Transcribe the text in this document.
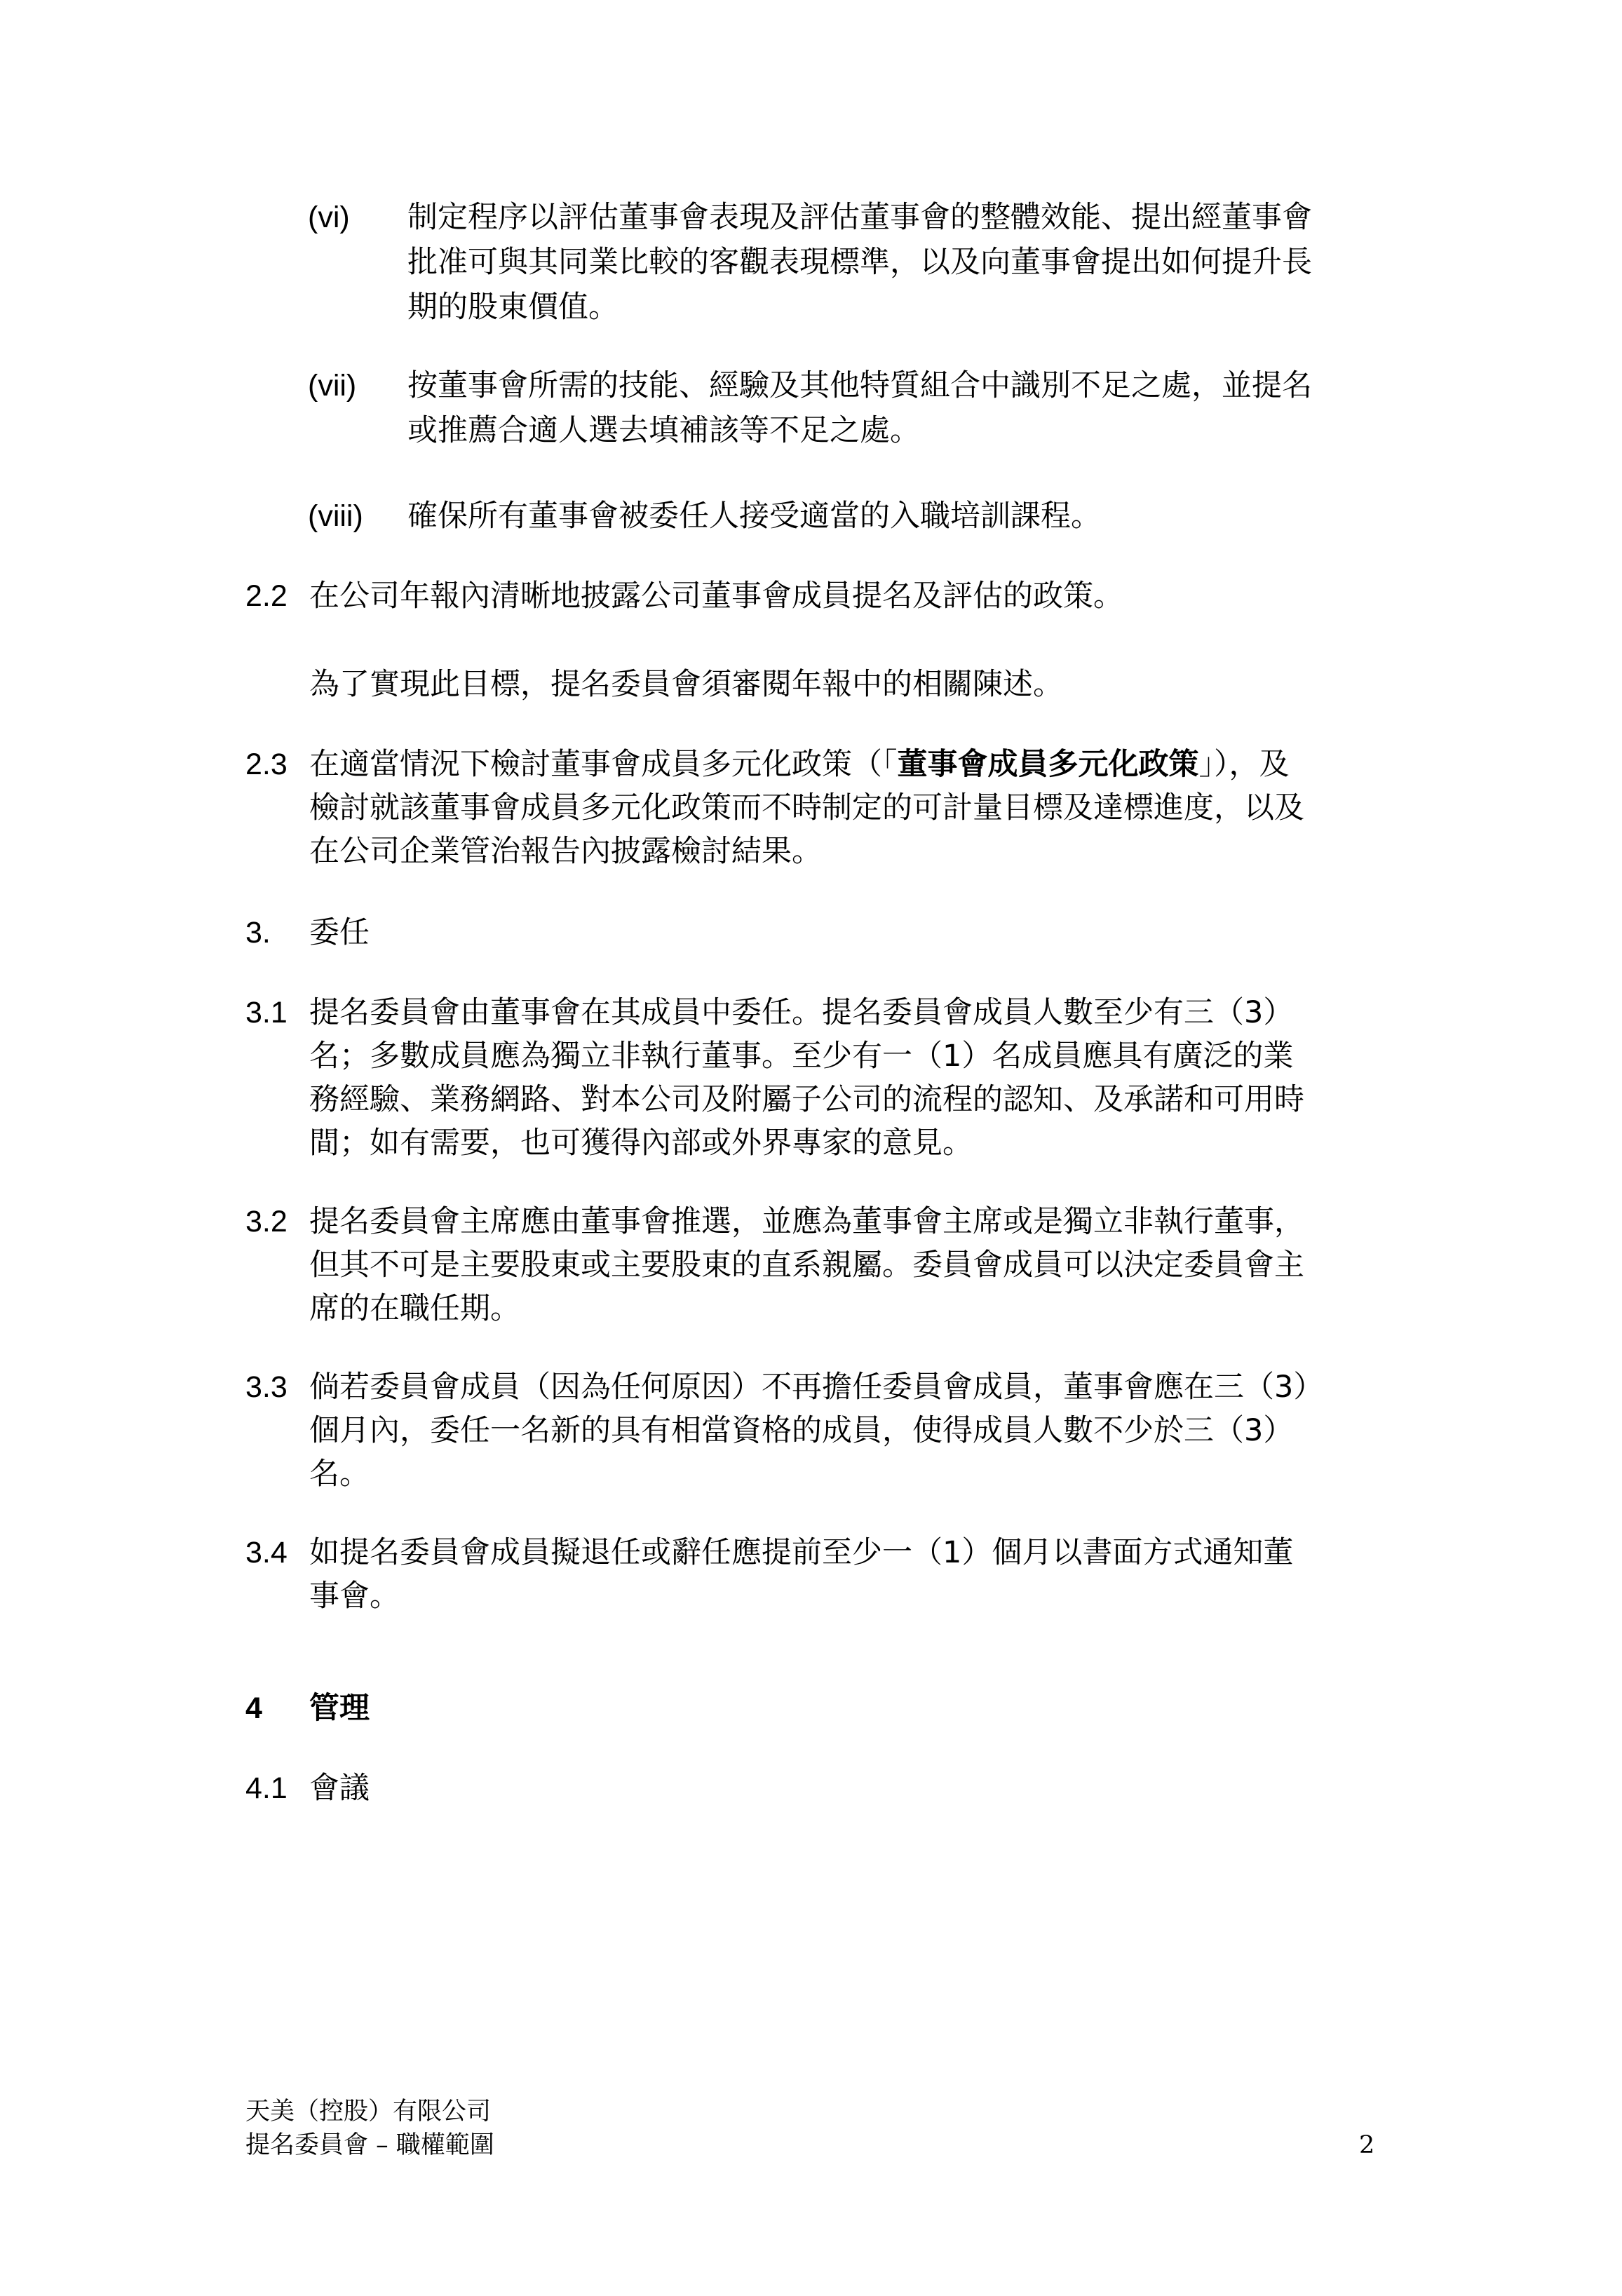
(vi) 制定程序以評估董事會表現及評估董事會的整體效能、提出經董事會
批准可與其同業比較的客觀表現標準，以及向董事會提出如何提升長
期的股東價值。
(vii) 按董事會所需的技能、經驗及其他特質組合中識別不足之處，並提名
或推薦合適人選去填補該等不足之處。
(viii) 確保所有董事會被委任人接受適當的入職培訓課程。
2.2 在公司年報內清晰地披露公司董事會成員提名及評估的政策。
為了實現此目標，提名委員會須審閱年報中的相關陳述。
2.3 在適當情況下檢討董事會成員多元化政策（「董事會成員多元化政策」），及
檢討就該董事會成員多元化政策而不時制定的可計量目標及達標進度，以及
在公司企業管治報告內披露檢討結果。
3. 委任
3.1 提名委員會由董事會在其成員中委任。提名委員會成員人數至少有三（3）
名；多數成員應為獨立非執行董事。至少有一（1）名成員應具有廣泛的業
務經驗、業務網路、對本公司及附屬子公司的流程的認知、及承諾和可用時
間；如有需要，也可獲得內部或外界專家的意見。
3.2 提名委員會主席應由董事會推選，並應為董事會主席或是獨立非執行董事，
但其不可是主要股東或主要股東的直系親屬。委員會成員可以決定委員會主
席的在職任期。
3.3 倘若委員會成員（因為任何原因）不再擔任委員會成員，董事會應在三（3）
個月內，委任一名新的具有相當資格的成員，使得成員人數不少於三（3）
名。
3.4 如提名委員會成員擬退任或辭任應提前至少一（1）個月以書面方式通知董
事會。
4 管理
4.1 會議
天美（控股）有限公司
提名委員會 – 職權範圍	2
